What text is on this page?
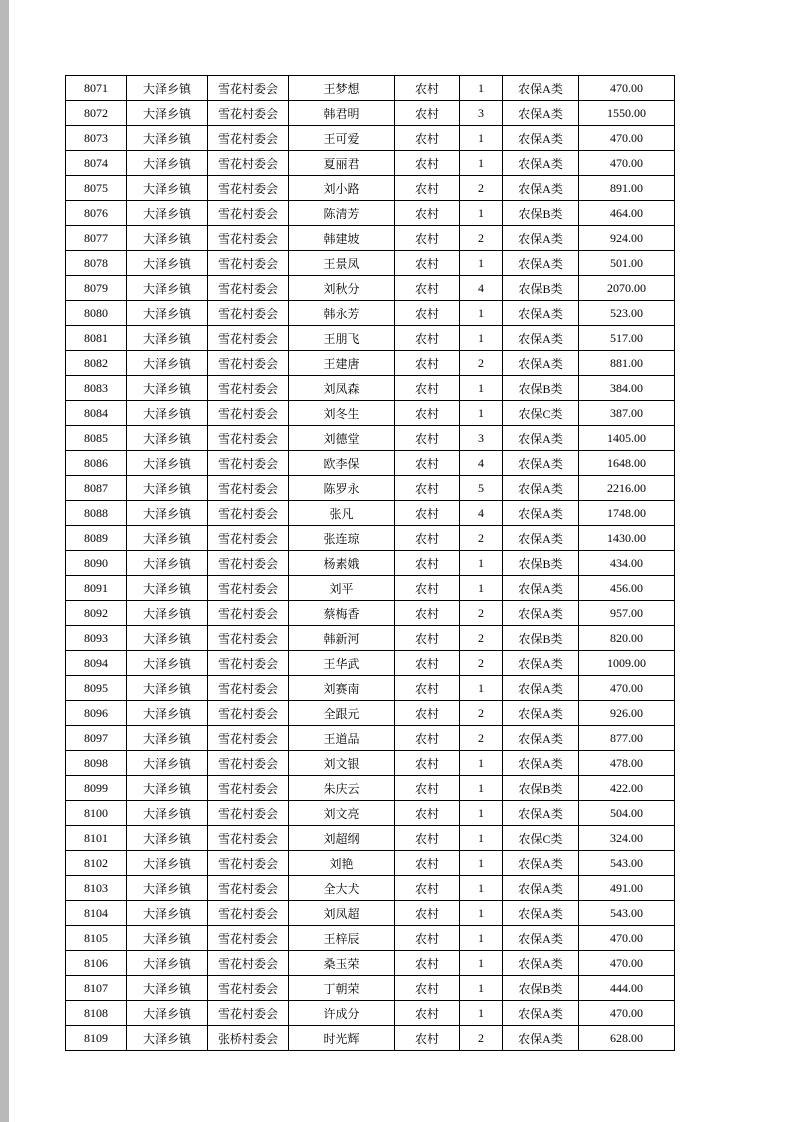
8071	大泽乡镇	雪花村委会	王梦想	农村	1	农保A类	470.00
8072	大泽乡镇	雪花村委会	韩君明	农村	3	农保A类	1550.00
8073	大泽乡镇	雪花村委会	王可爱	农村	1	农保A类	470.00
8074	大泽乡镇	雪花村委会	夏丽君	农村	1	农保A类	470.00
8075	大泽乡镇	雪花村委会	刘小路	农村	2	农保A类	891.00
8076	大泽乡镇	雪花村委会	陈清芳	农村	1	农保B类	464.00
8077	大泽乡镇	雪花村委会	韩建坡	农村	2	农保A类	924.00
8078	大泽乡镇	雪花村委会	王景凤	农村	1	农保A类	501.00
8079	大泽乡镇	雪花村委会	刘秋分	农村	4	农保B类	2070.00
8080	大泽乡镇	雪花村委会	韩永芳	农村	1	农保A类	523.00
8081	大泽乡镇	雪花村委会	王朋飞	农村	1	农保A类	517.00
8082	大泽乡镇	雪花村委会	王建唐	农村	2	农保A类	881.00
8083	大泽乡镇	雪花村委会	刘凤森	农村	1	农保B类	384.00
8084	大泽乡镇	雪花村委会	刘冬生	农村	1	农保C类	387.00
8085	大泽乡镇	雪花村委会	刘德堂	农村	3	农保A类	1405.00
8086	大泽乡镇	雪花村委会	欧李保	农村	4	农保A类	1648.00
8087	大泽乡镇	雪花村委会	陈罗永	农村	5	农保A类	2216.00
8088	大泽乡镇	雪花村委会	张凡	农村	4	农保A类	1748.00
8089	大泽乡镇	雪花村委会	张连琼	农村	2	农保A类	1430.00
8090	大泽乡镇	雪花村委会	杨素娥	农村	1	农保B类	434.00
8091	大泽乡镇	雪花村委会	刘平	农村	1	农保A类	456.00
8092	大泽乡镇	雪花村委会	蔡梅香	农村	2	农保A类	957.00
8093	大泽乡镇	雪花村委会	韩新河	农村	2	农保B类	820.00
8094	大泽乡镇	雪花村委会	王华武	农村	2	农保A类	1009.00
8095	大泽乡镇	雪花村委会	刘赛南	农村	1	农保A类	470.00
8096	大泽乡镇	雪花村委会	全跟元	农村	2	农保A类	926.00
8097	大泽乡镇	雪花村委会	王道品	农村	2	农保A类	877.00
8098	大泽乡镇	雪花村委会	刘文银	农村	1	农保A类	478.00
8099	大泽乡镇	雪花村委会	朱庆云	农村	1	农保B类	422.00
8100	大泽乡镇	雪花村委会	刘文亮	农村	1	农保A类	504.00
8101	大泽乡镇	雪花村委会	刘超纲	农村	1	农保C类	324.00
8102	大泽乡镇	雪花村委会	刘艳	农村	1	农保A类	543.00
8103	大泽乡镇	雪花村委会	全大犬	农村	1	农保A类	491.00
8104	大泽乡镇	雪花村委会	刘凤超	农村	1	农保A类	543.00
8105	大泽乡镇	雪花村委会	王梓辰	农村	1	农保A类	470.00
8106	大泽乡镇	雪花村委会	桑玉荣	农村	1	农保A类	470.00
8107	大泽乡镇	雪花村委会	丁朝荣	农村	1	农保B类	444.00
8108	大泽乡镇	雪花村委会	许成分	农村	1	农保A类	470.00
8109	大泽乡镇	张桥村委会	时光辉	农村	2	农保A类	628.00
